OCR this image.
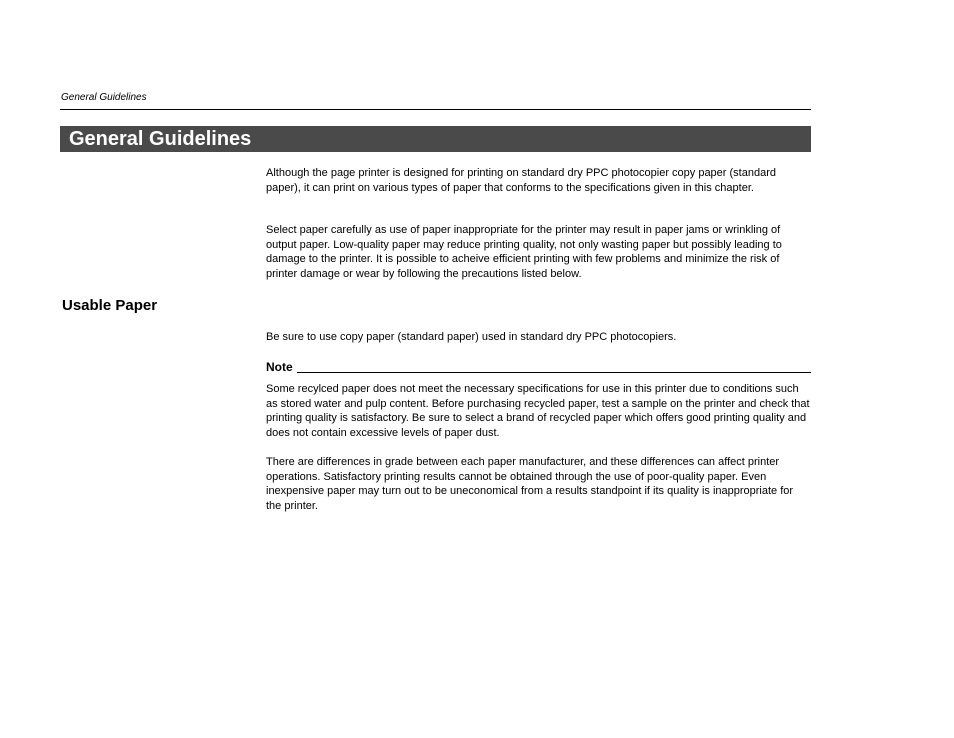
General Guidelines
General Guidelines

Although the page printer is designed for printing on standard dry PPC photocopier copy paper (standard paper), it can print on various types of paper that conforms to the specifications given in this chapter.

Select paper carefully as use of paper inappropriate for the printer may result in paper jams or wrinkling of output paper. Low-quality paper may reduce printing quality, not only wasting paper but possibly leading to damage to the printer. It is possible to acheive efficient printing with few problems and minimize the risk of printer damage or wear by following the precautions listed below.

Usable Paper

Be sure to use copy paper (standard paper) used in standard dry PPC photocopiers.

Note

Some recylced paper does not meet the necessary specifications for use in this printer due to conditions such as stored water and pulp content. Before purchasing recycled paper, test a sample on the printer and check that printing quality is satisfactory. Be sure to select a brand of recycled paper which offers good printing quality and does not contain excessive levels of paper dust.

There are differences in grade between each paper manufacturer, and these differences can affect printer operations. Satisfactory printing results cannot be obtained through the use of poor-quality paper. Even inexpensive paper may turn out to be uneconomical from a results standpoint if its quality is inappropriate for the printer.
